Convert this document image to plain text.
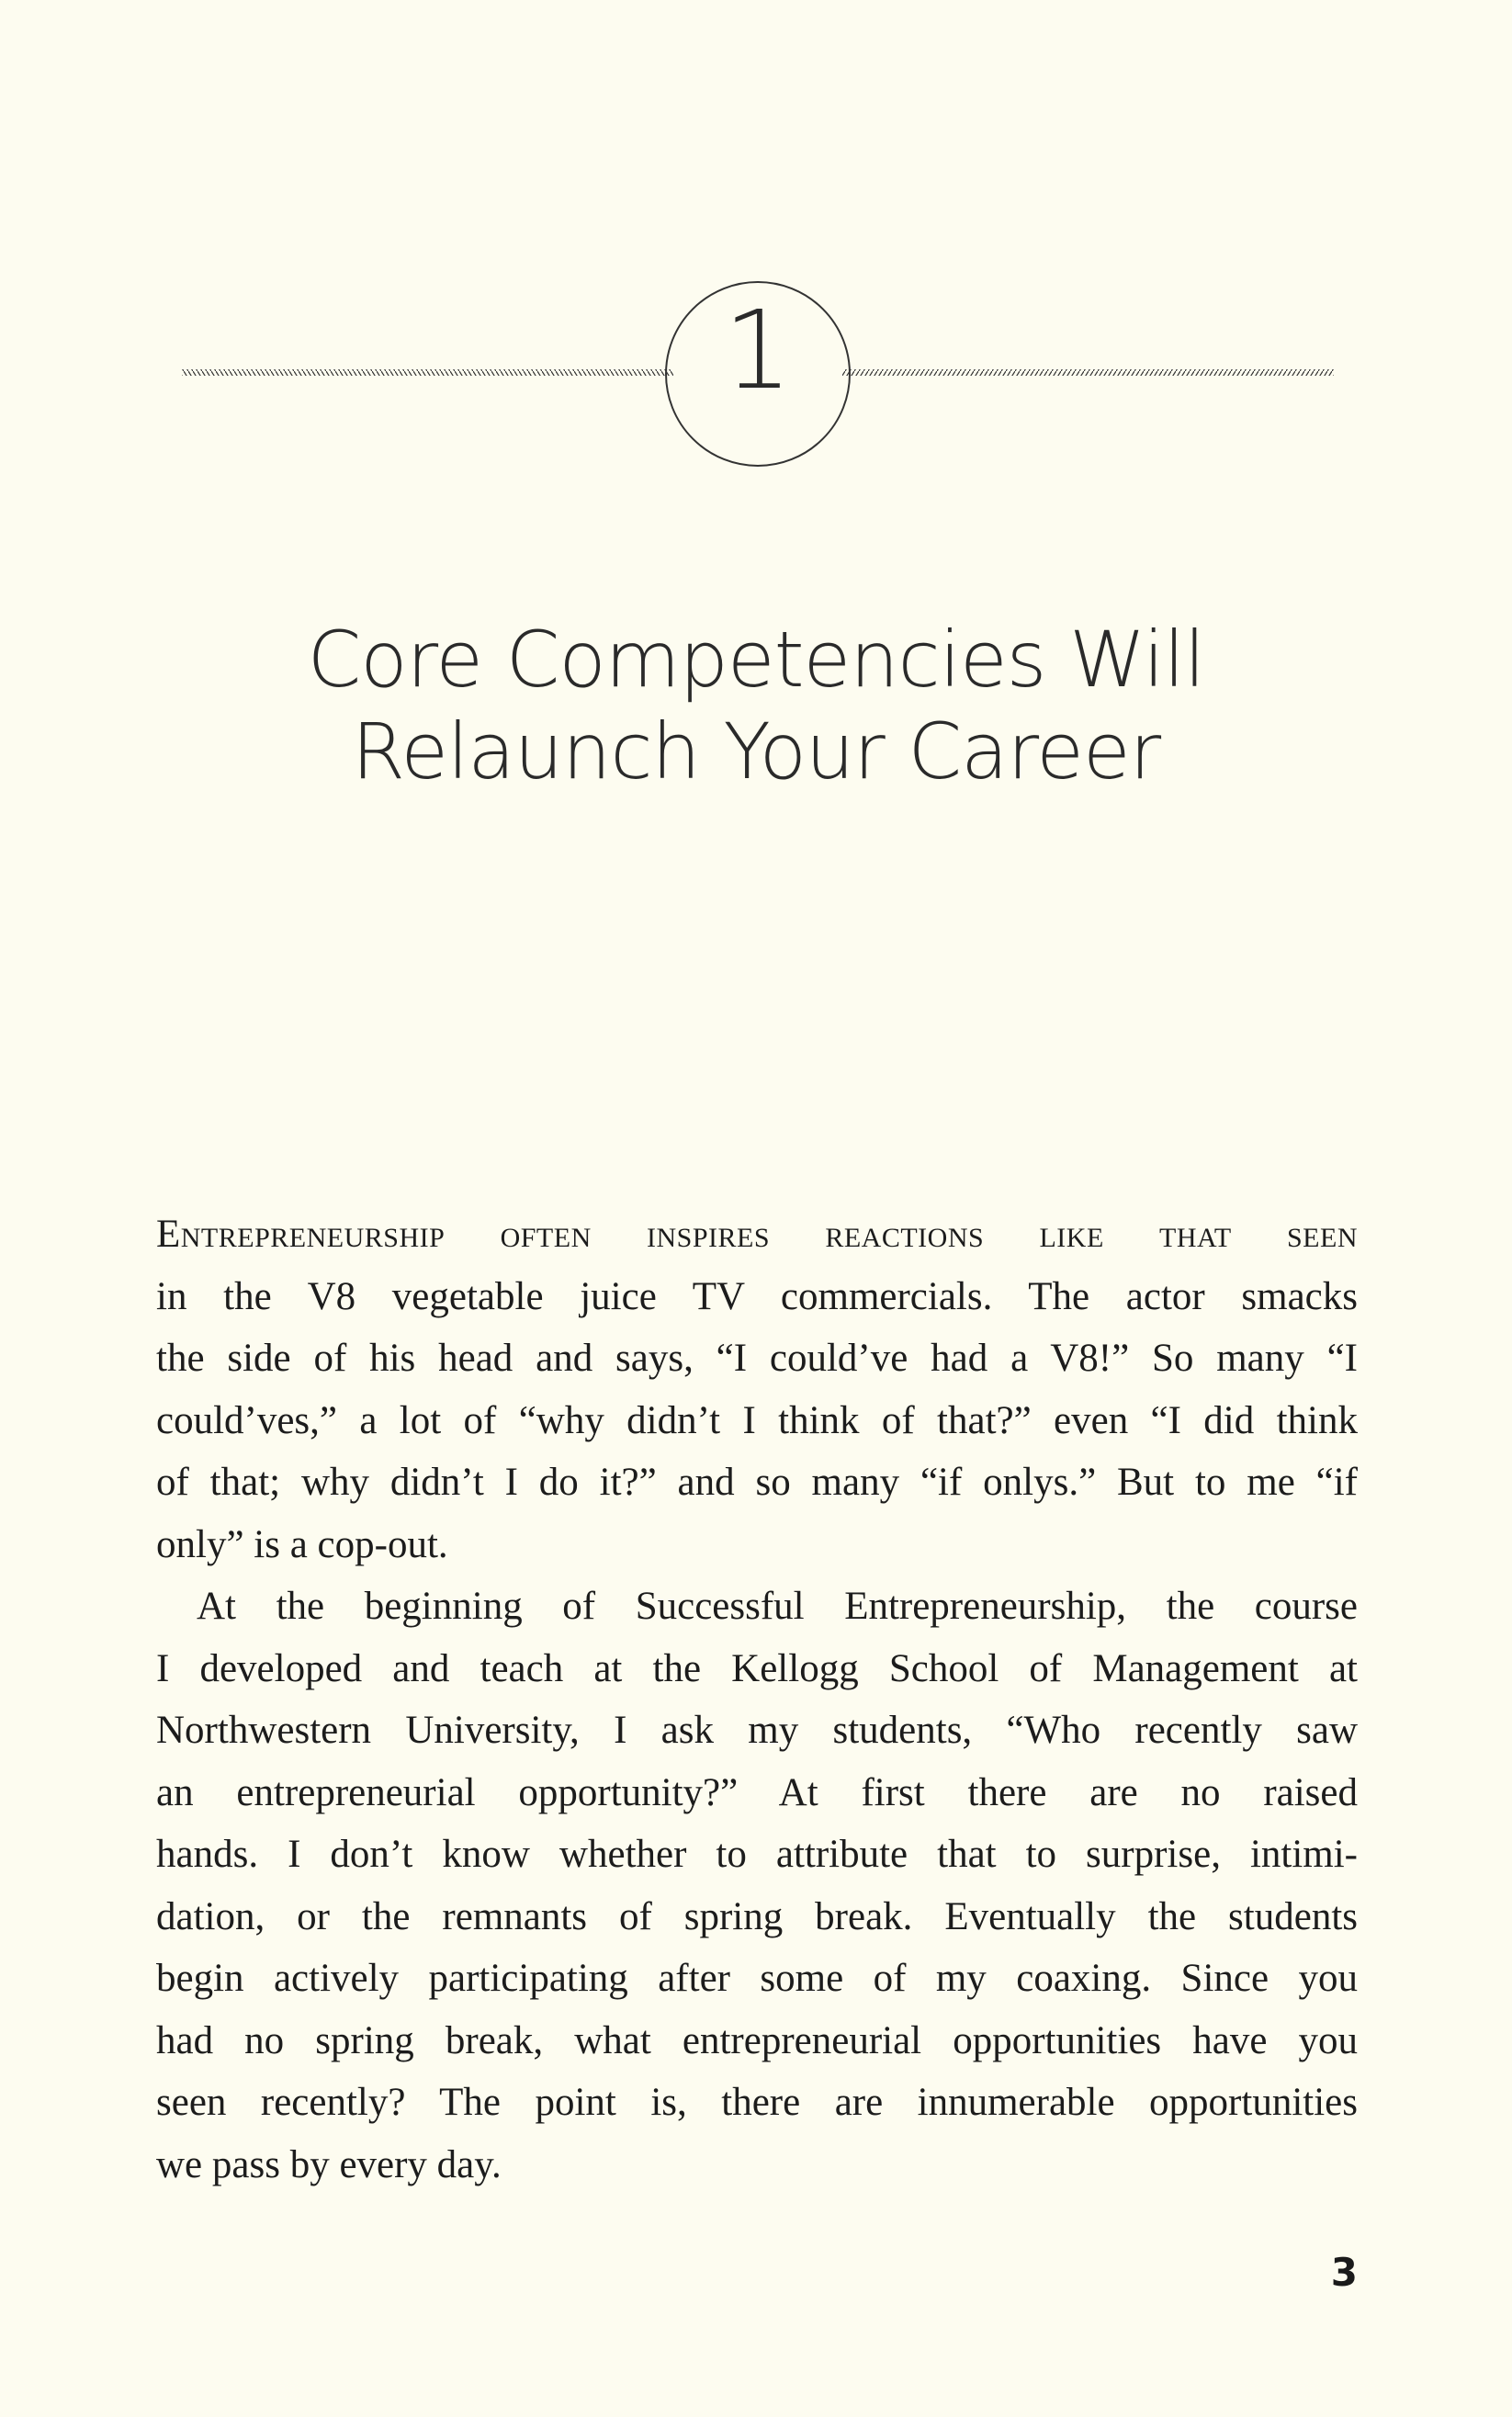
1
Core Competencies Will
Relaunch Your Career
Entrepreneurship often inspires reactions like that seen
in the V8 vegetable juice TV commercials. The actor smacks
the side of his head and says, “I could’ve had a V8!” So many “I
could’ves,” a lot of “why didn’t I think of that?” even “I did think
of that; why didn’t I do it?” and so many “if onlys.” But to me “if
only” is a cop-out.
At the beginning of Successful Entrepreneurship, the course
I developed and teach at the Kellogg School of Management at
Northwestern University, I ask my students, “Who recently saw
an entrepreneurial opportunity?” At first there are no raised
hands. I don’t know whether to attribute that to surprise, intimi-
dation, or the remnants of spring break. Eventually the students
begin actively participating after some of my coaxing. Since you
had no spring break, what entrepreneurial opportunities have you
seen recently? The point is, there are innumerable opportunities
we pass by every day.
3
